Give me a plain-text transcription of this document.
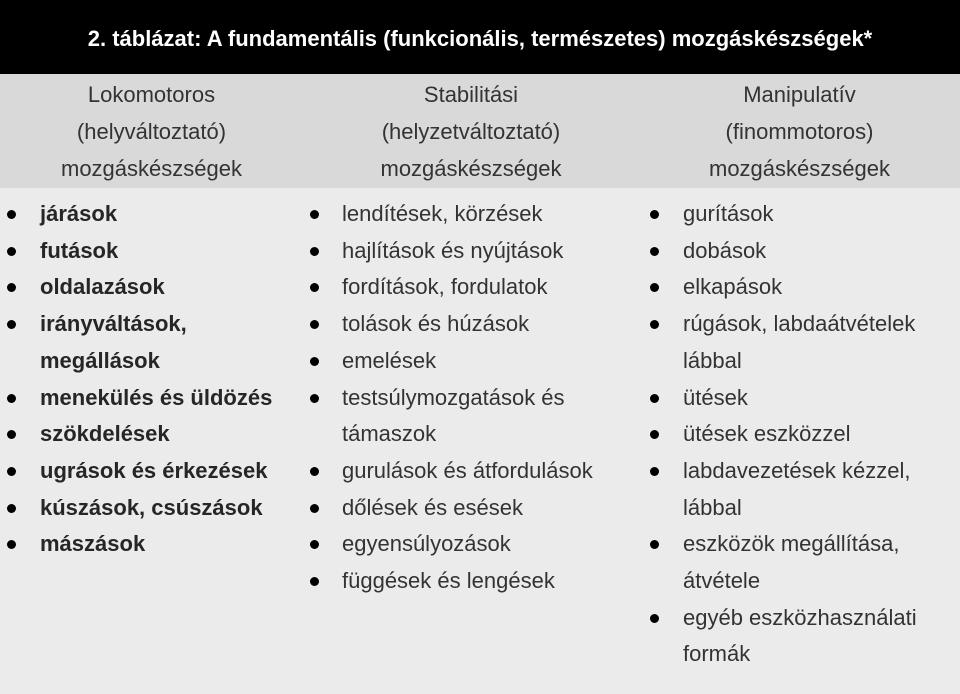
2. táblázat: A fundamentális (funkcionális, természetes) mozgáskészségek*
Lokomotoros
(helyváltoztató)
mozgáskészségek
Stabilitási
(helyzetváltoztató)
mozgáskészségek
Manipulatív
(finommotoros)
mozgáskészségek
járások
futások
oldalazások
irányváltások,
megállások
menekülés és üldözés
szökdelések
ugrások és érkezések
kúszások, csúszások
mászások
lendítések, körzések
hajlítások és nyújtások
fordítások, fordulatok
tolások és húzások
emelések
testsúlymozgatások és
támaszok
gurulások és átfordulások
dőlések és esések
egyensúlyozások
függések és lengések
gurítások
dobások
elkapások
rúgások, labdaátvételek
lábbal
ütések
ütések eszközzel
labdavezetések kézzel,
lábbal
eszközök megállítása,
átvétele
egyéb eszközhasználati
formák
